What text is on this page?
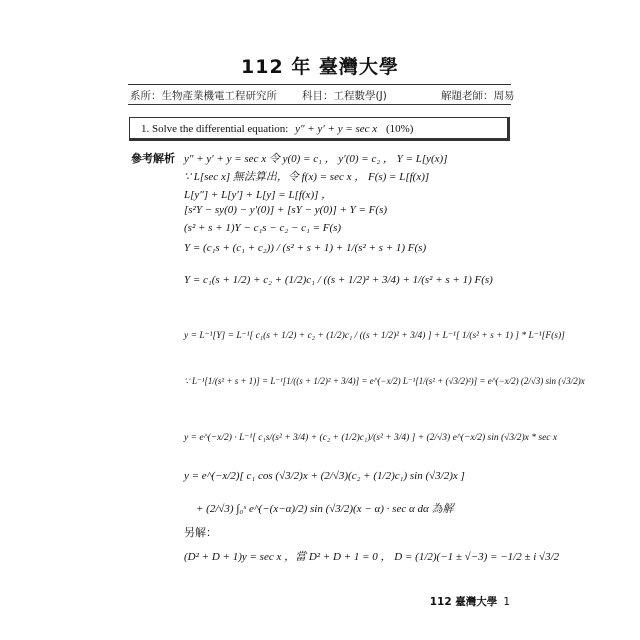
112 年 臺灣大學
系所：生物產業機電工程研究所 科目：工程數學(J)	解題老師：周易
1. Solve the differential equation: y″ + y′ + y = sec x (10%)
參考解析 y″ + y′ + y = sec x 令 y(0) = c₁ ， y′(0) = c₂ ， Y = L[y(x)]
∵ L[sec x] 無法算出，令 f(x) = sec x ， F(s) = L[f(x)]
L[y″] + L[y′] + L[y] = L[f(x)] ，
[s²Y − sy(0) − y′(0)] + [sY − y(0)] + Y = F(s)
(s² + s + 1)Y − c₁s − c₂ − c₁ = F(s)
Y = (c₁s + (c₁ + c₂)) / (s² + s + 1) + 1/(s² + s + 1) F(s)
Y = c₁(s + 1/2) + c₂ + (1/2)c₁ / ((s + 1/2)² + 3/4) + 1/(s² + s + 1) F(s)
y = L⁻¹[Y] = L⁻¹[ c₁(s + 1/2) + c₂ + (1/2)c₁ / ((s + 1/2)² + 3/4) ] + L⁻¹[ 1/(s² + s + 1) ] * L⁻¹[F(s)]
∵ L⁻¹[1/(s² + s + 1)] = L⁻¹[1/((s + 1/2)² + 3/4)] = e^(−x/2) L⁻¹[1/(s² + (√3/2)²)] = e^(−x/2) (2/√3) sin (√3/2)x
y = e^(−x/2) · L⁻¹[ c₁s/(s² + 3/4) + (c₂ + (1/2)c₁)/(s² + 3/4) ] + (2/√3) e^(−x/2) sin (√3/2)x * sec x
y = e^(−x/2)[ c₁ cos (√3/2)x + (2/√3)(c₂ + (1/2)c₁) sin (√3/2)x ]
+ (2/√3) ∫₀ˣ e^(−(x−α)/2) sin (√3/2)(x − α) · sec α dα 為解
另解：
(D² + D + 1)y = sec x ，當 D² + D + 1 = 0 ， D = (1/2)(−1 ± √−3) = −1/2 ± i √3/2
112 臺灣大學 1
